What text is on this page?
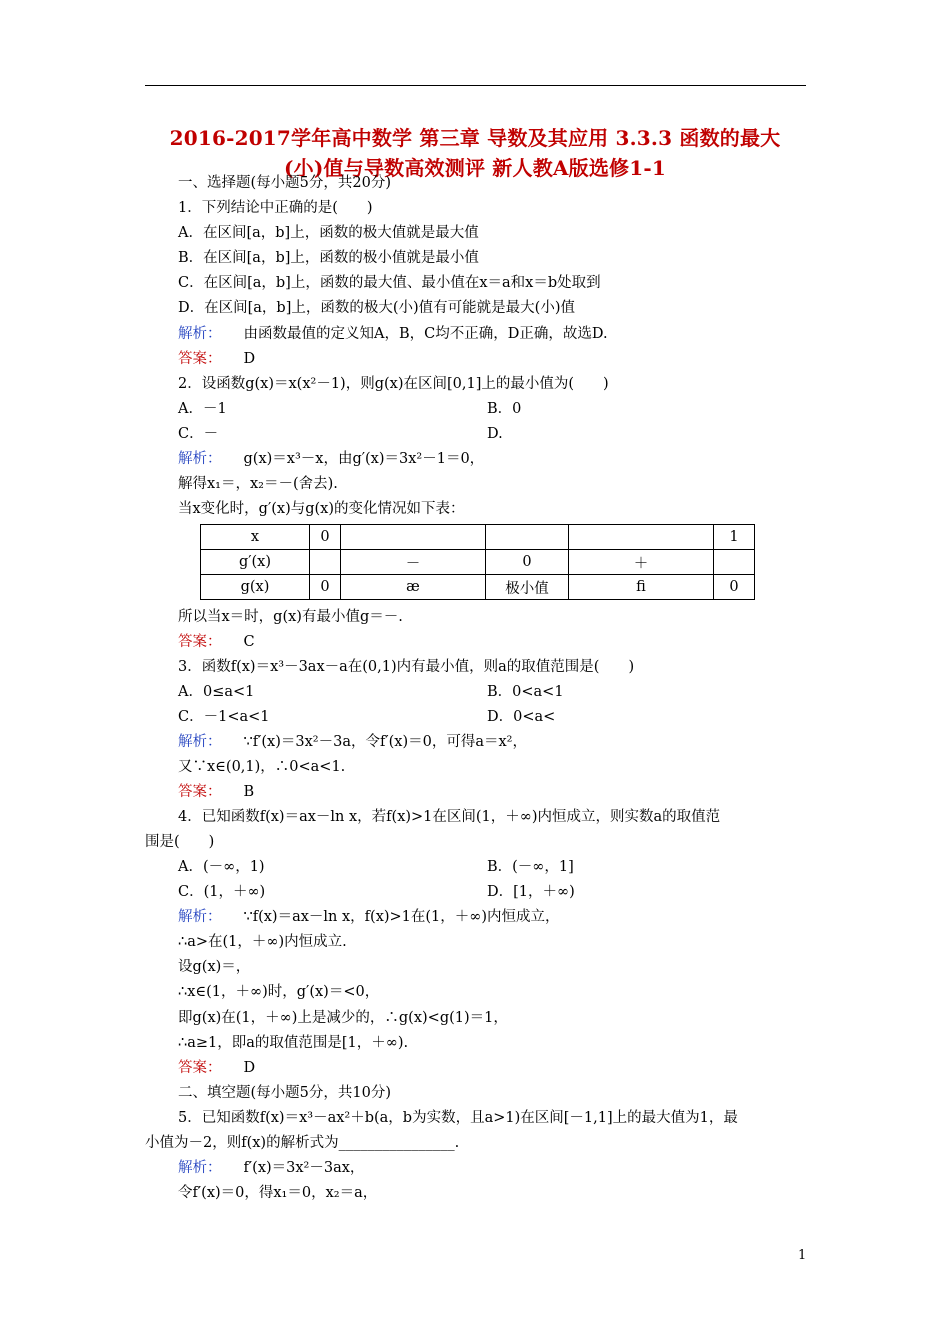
2016-2017学年高中数学 第三章 导数及其应用 3.3.3 函数的最大
(小)值与导数高效测评 新人教A版选修1-1
一、选择题(每小题5分，共20分)
1．下列结论中正确的是(　　)
A．在区间[a，b]上，函数的极大值就是最大值
B．在区间[a，b]上，函数的极小值就是最小值
C．在区间[a，b]上，函数的最大值、最小值在x＝a和x＝b处取到
D．在区间[a，b]上，函数的极大(小)值有可能就是最大(小)值
解析： 由函数最值的定义知A，B，C均不正确，D正确，故选D.
答案： D
2．设函数g(x)＝x(x²－1)，则g(x)在区间[0,1]上的最小值为(　　)
A．－1	B．0
C．－	D.
解析： g(x)＝x³－x，由g′(x)＝3x²－1＝0，
解得x₁＝，x₂＝－(舍去).
当x变化时，g′(x)与g(x)的变化情况如下表：
x	0				1
g′(x)		－	0	＋	
g(x)	0	æ	极小值	ﬁ	0
所以当x＝时，g(x)有最小值g＝－.
答案： C
3．函数f(x)＝x³－3ax－a在(0,1)内有最小值，则a的取值范围是(　　)
A．0≤a<1	B．0<a<1
C．－1<a<1	D．0<a<
解析： ∵f′(x)＝3x²－3a，令f′(x)＝0，可得a＝x²，
又∵x∈(0,1)，∴0<a<1.
答案： B
4．已知函数f(x)＝ax－ln x，若f(x)>1在区间(1，＋∞)内恒成立，则实数a的取值范
围是(　　)
A．(－∞，1)	B．(－∞，1]
C．(1，＋∞)	D．[1，＋∞)
解析： ∵f(x)＝ax－ln x，f(x)>1在(1，＋∞)内恒成立，
∴a>在(1，＋∞)内恒成立.
设g(x)＝，
∴x∈(1，＋∞)时，g′(x)＝<0，
即g(x)在(1，＋∞)上是减少的，∴g(x)<g(1)＝1，
∴a≥1，即a的取值范围是[1，＋∞).
答案： D
二、填空题(每小题5分，共10分)
5．已知函数f(x)＝x³－ax²＋b(a，b为实数，且a>1)在区间[－1,1]上的最大值为1，最
小值为－2，则f(x)的解析式为________________.
解析： f′(x)＝3x²－3ax，
令f′(x)＝0，得x₁＝0，x₂＝a，
1
